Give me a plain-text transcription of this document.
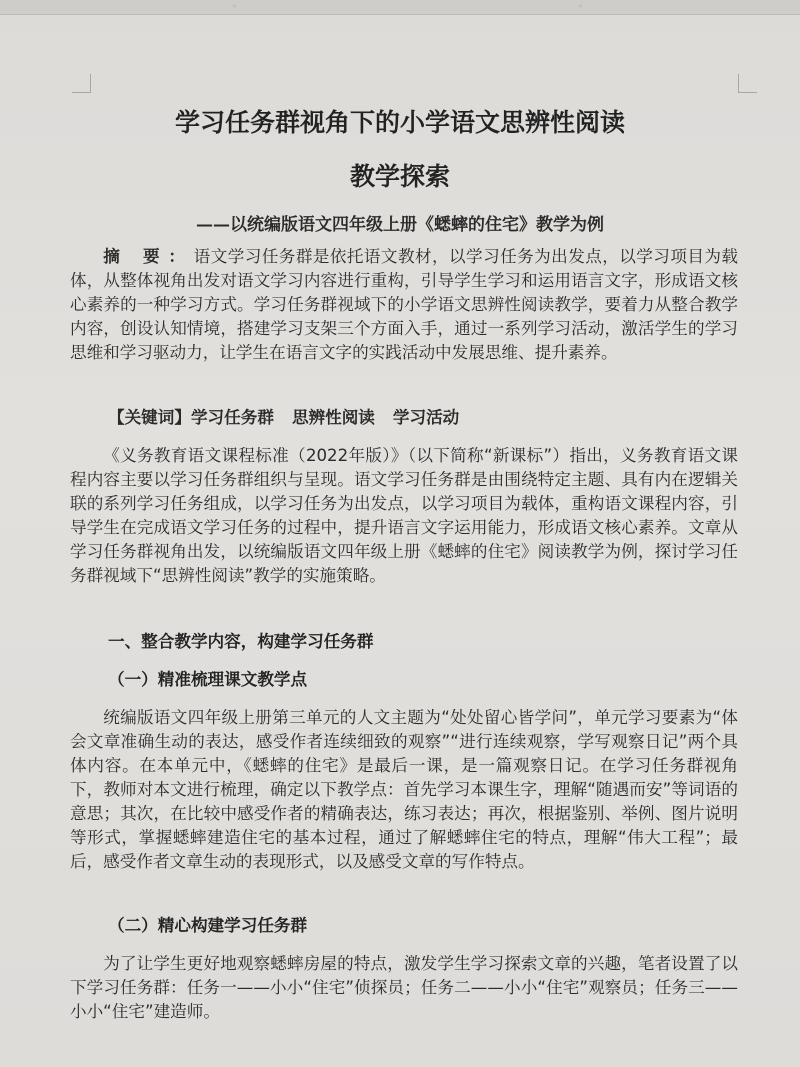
◦	◦
学习任务群视角下的小学语文思辨性阅读
教学探索
——以统编版语文四年级上册《蟋蟀的住宅》教学为例

摘 要：语文学习任务群是依托语文教材，以学习任务为出发点，以学习项目为载体，从整体视角出发对语文学习内容进行重构，引导学生学习和运用语言文字，形成语文核心素养的一种学习方式。学习任务群视域下的小学语文思辨性阅读教学，要着力从整合教学内容，创设认知情境，搭建学习支架三个方面入手，通过一系列学习活动，激活学生的学习思维和学习驱动力，让学生在语言文字的实践活动中发展思维、提升素养。

【关键词】学习任务群 思辨性阅读 学习活动

《义务教育语文课程标准（2022年版）》（以下简称“新课标”）指出，义务教育语文课程内容主要以学习任务群组织与呈现。语文学习任务群是由围绕特定主题、具有内在逻辑关联的系列学习任务组成，以学习任务为出发点，以学习项目为载体，重构语文课程内容，引导学生在完成语文学习任务的过程中，提升语言文字运用能力，形成语文核心素养。文章从学习任务群视角出发，以统编版语文四年级上册《蟋蟀的住宅》阅读教学为例，探讨学习任务群视域下“思辨性阅读”教学的实施策略。

一、整合教学内容，构建学习任务群
（一）精准梳理课文教学点

统编版语文四年级上册第三单元的人文主题为“处处留心皆学问”，单元学习要素为“体会文章准确生动的表达，感受作者连续细致的观察”“进行连续观察，学写观察日记”两个具体内容。在本单元中，《蟋蟀的住宅》是最后一课，是一篇观察日记。在学习任务群视角下，教师对本文进行梳理，确定以下教学点：首先学习本课生字，理解“随遇而安”等词语的意思；其次，在比较中感受作者的精确表达，练习表达；再次，根据鉴别、举例、图片说明等形式，掌握蟋蟀建造住宅的基本过程，通过了解蟋蟀住宅的特点，理解“伟大工程”；最后，感受作者文章生动的表现形式，以及感受文章的写作特点。

（二）精心构建学习任务群

为了让学生更好地观察蟋蟀房屋的特点，激发学生学习探索文章的兴趣，笔者设置了以下学习任务群：任务一——小小“住宅”侦探员；任务二——小小“住宅”观察员；任务三——小小“住宅”建造师。
